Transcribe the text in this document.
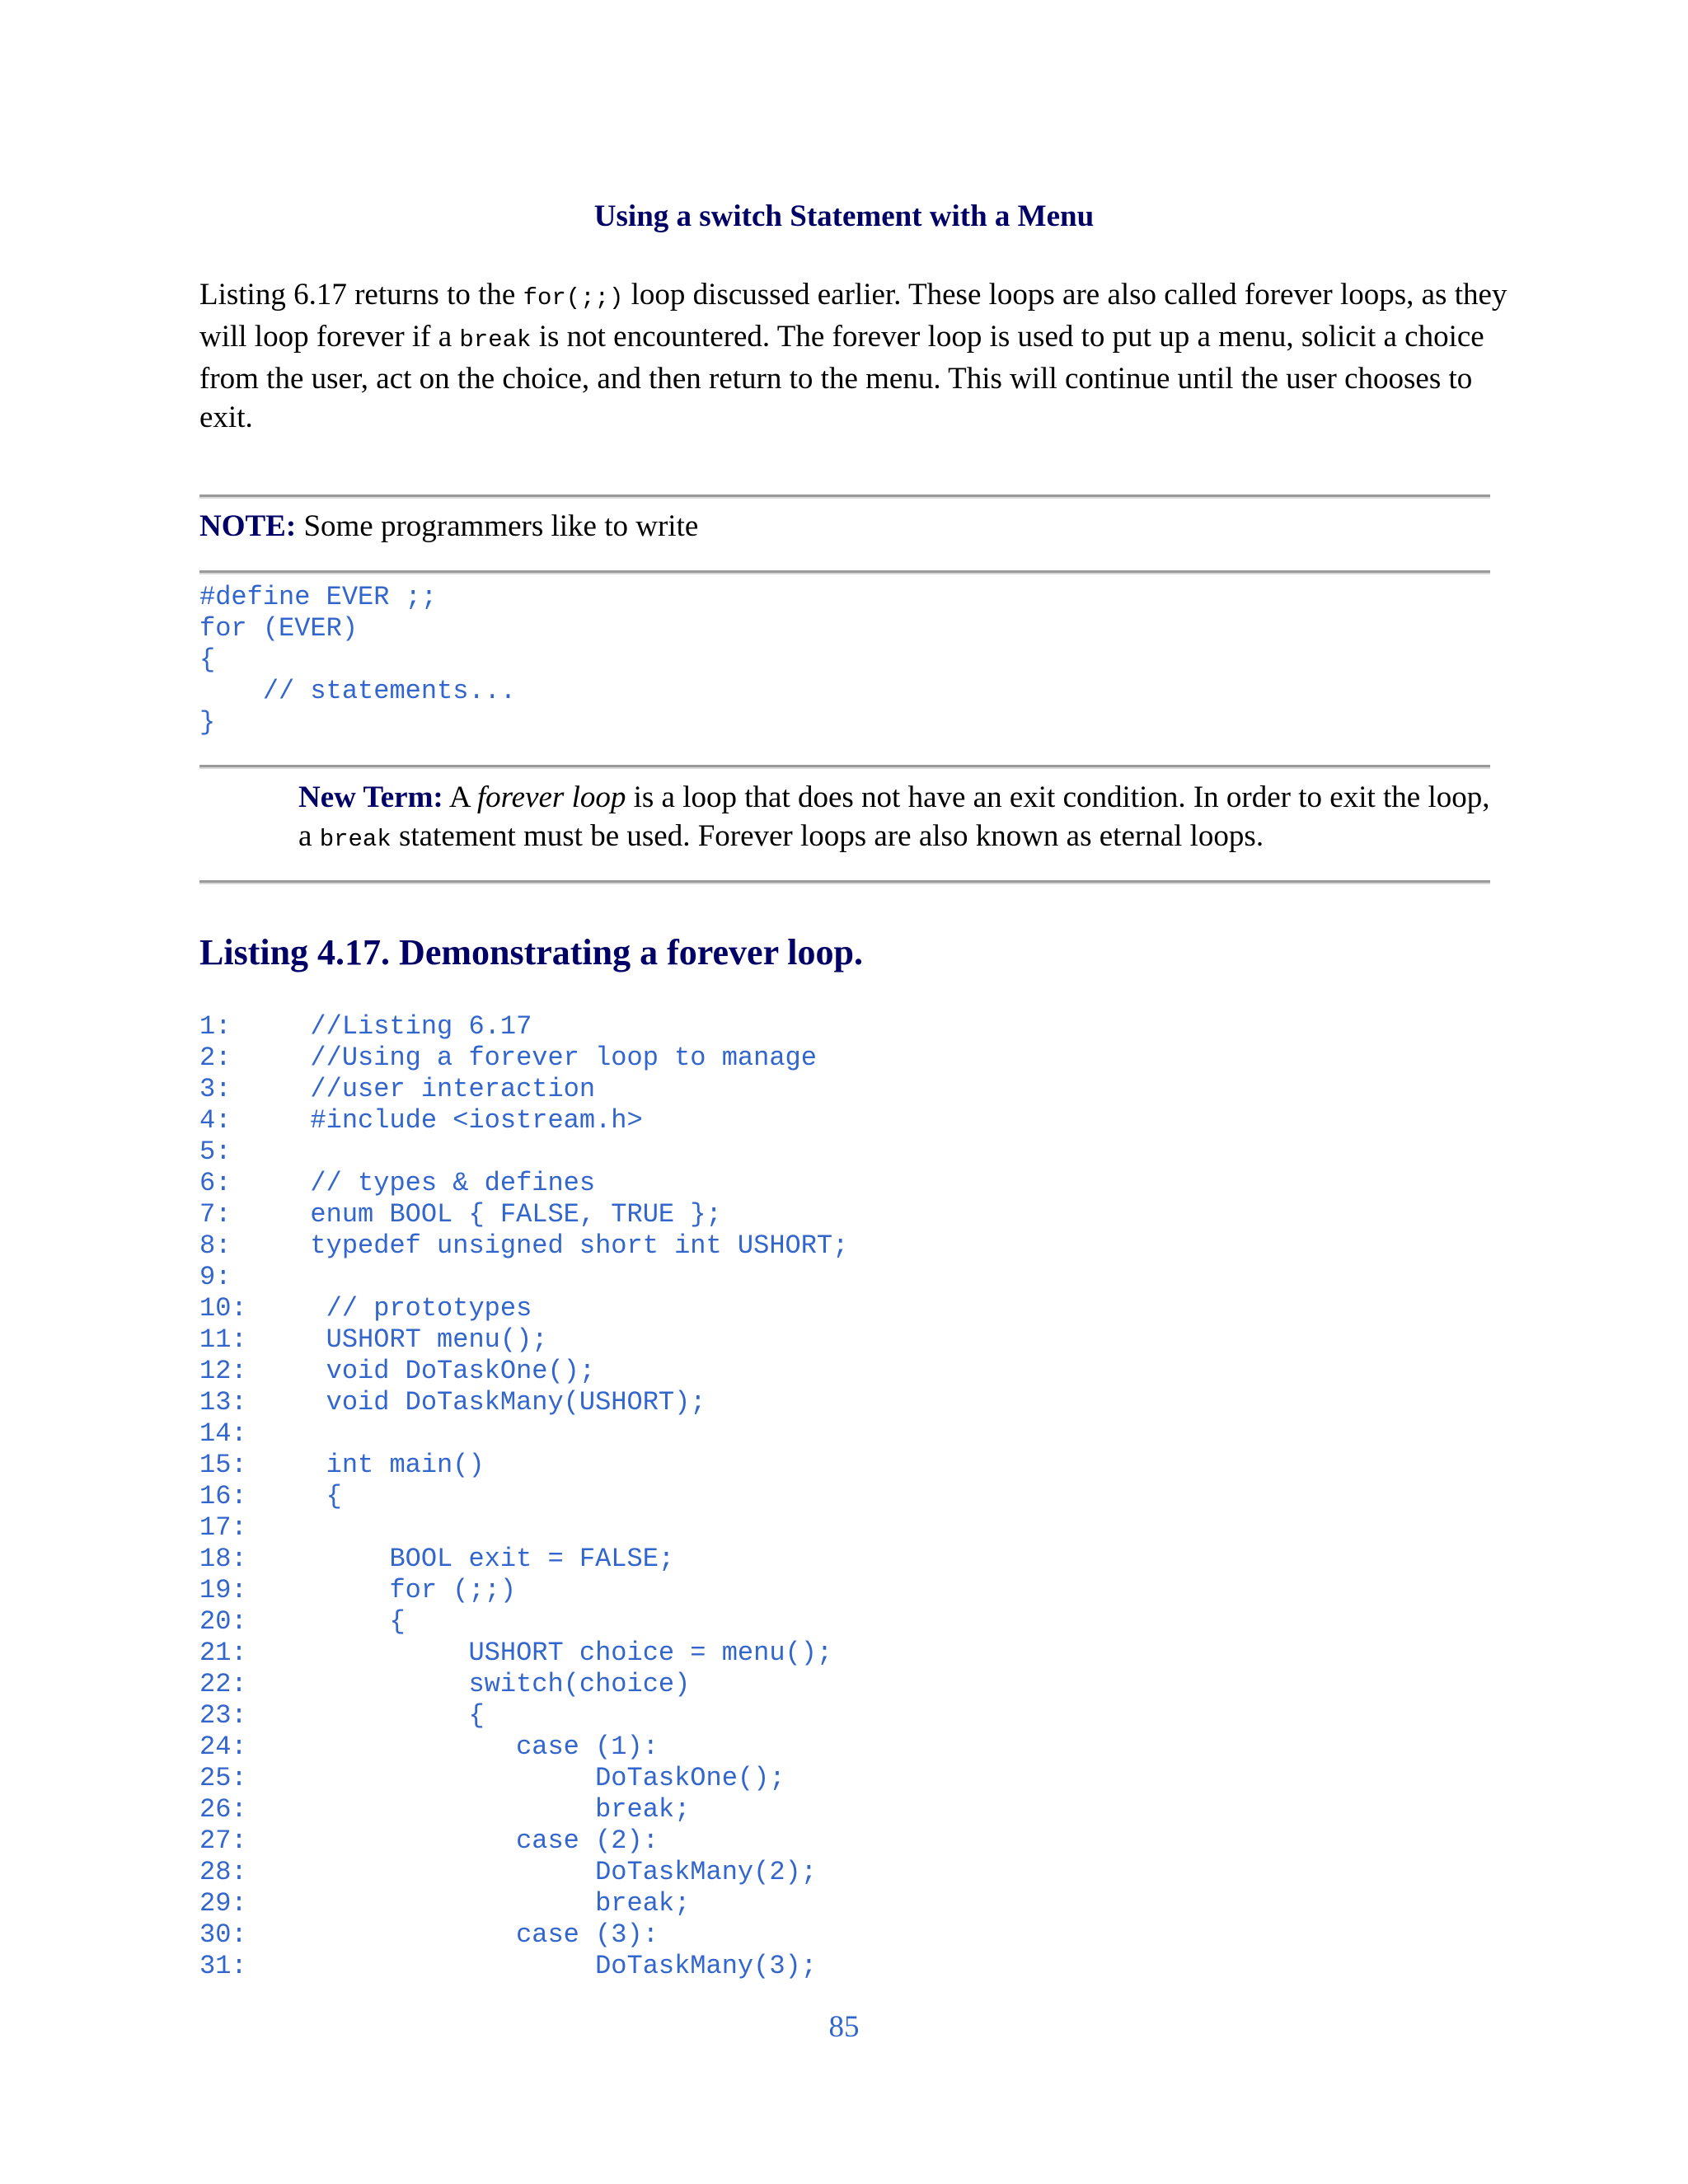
Using a switch Statement with a Menu

Listing 6.17 returns to the for(;;) loop discussed earlier. These loops are also called forever loops, as they will loop forever if a break is not encountered. The forever loop is used to put up a menu, solicit a choice from the user, act on the choice, and then return to the menu. This will continue until the user chooses to exit.

NOTE: Some programmers like to write

#define EVER ;;
for (EVER)
{
// statements...
}

New Term: A forever loop is a loop that does not have an exit condition. In order to exit the loop, a break statement must be used. Forever loops are also known as eternal loops.

Listing 4.17. Demonstrating a forever loop.
1:     //Listing 6.17
2:     //Using a forever loop to manage
3:     //user interaction
4:     #include <iostream.h>
5:
6:     // types & defines
7:     enum BOOL { FALSE, TRUE };
8:     typedef unsigned short int USHORT;
9:
10:     // prototypes
11:     USHORT menu();
12:     void DoTaskOne();
13:     void DoTaskMany(USHORT);
14:
15:     int main()
16:     {
17:
18:         BOOL exit = FALSE;
19:         for (;;)
20:         {
21:              USHORT choice = menu();
22:              switch(choice)
23:              {
24:                 case (1):
25:                      DoTaskOne();
26:                      break;
27:                 case (2):
28:                      DoTaskMany(2);
29:                      break;
30:                 case (3):
31:                      DoTaskMany(3);
85
